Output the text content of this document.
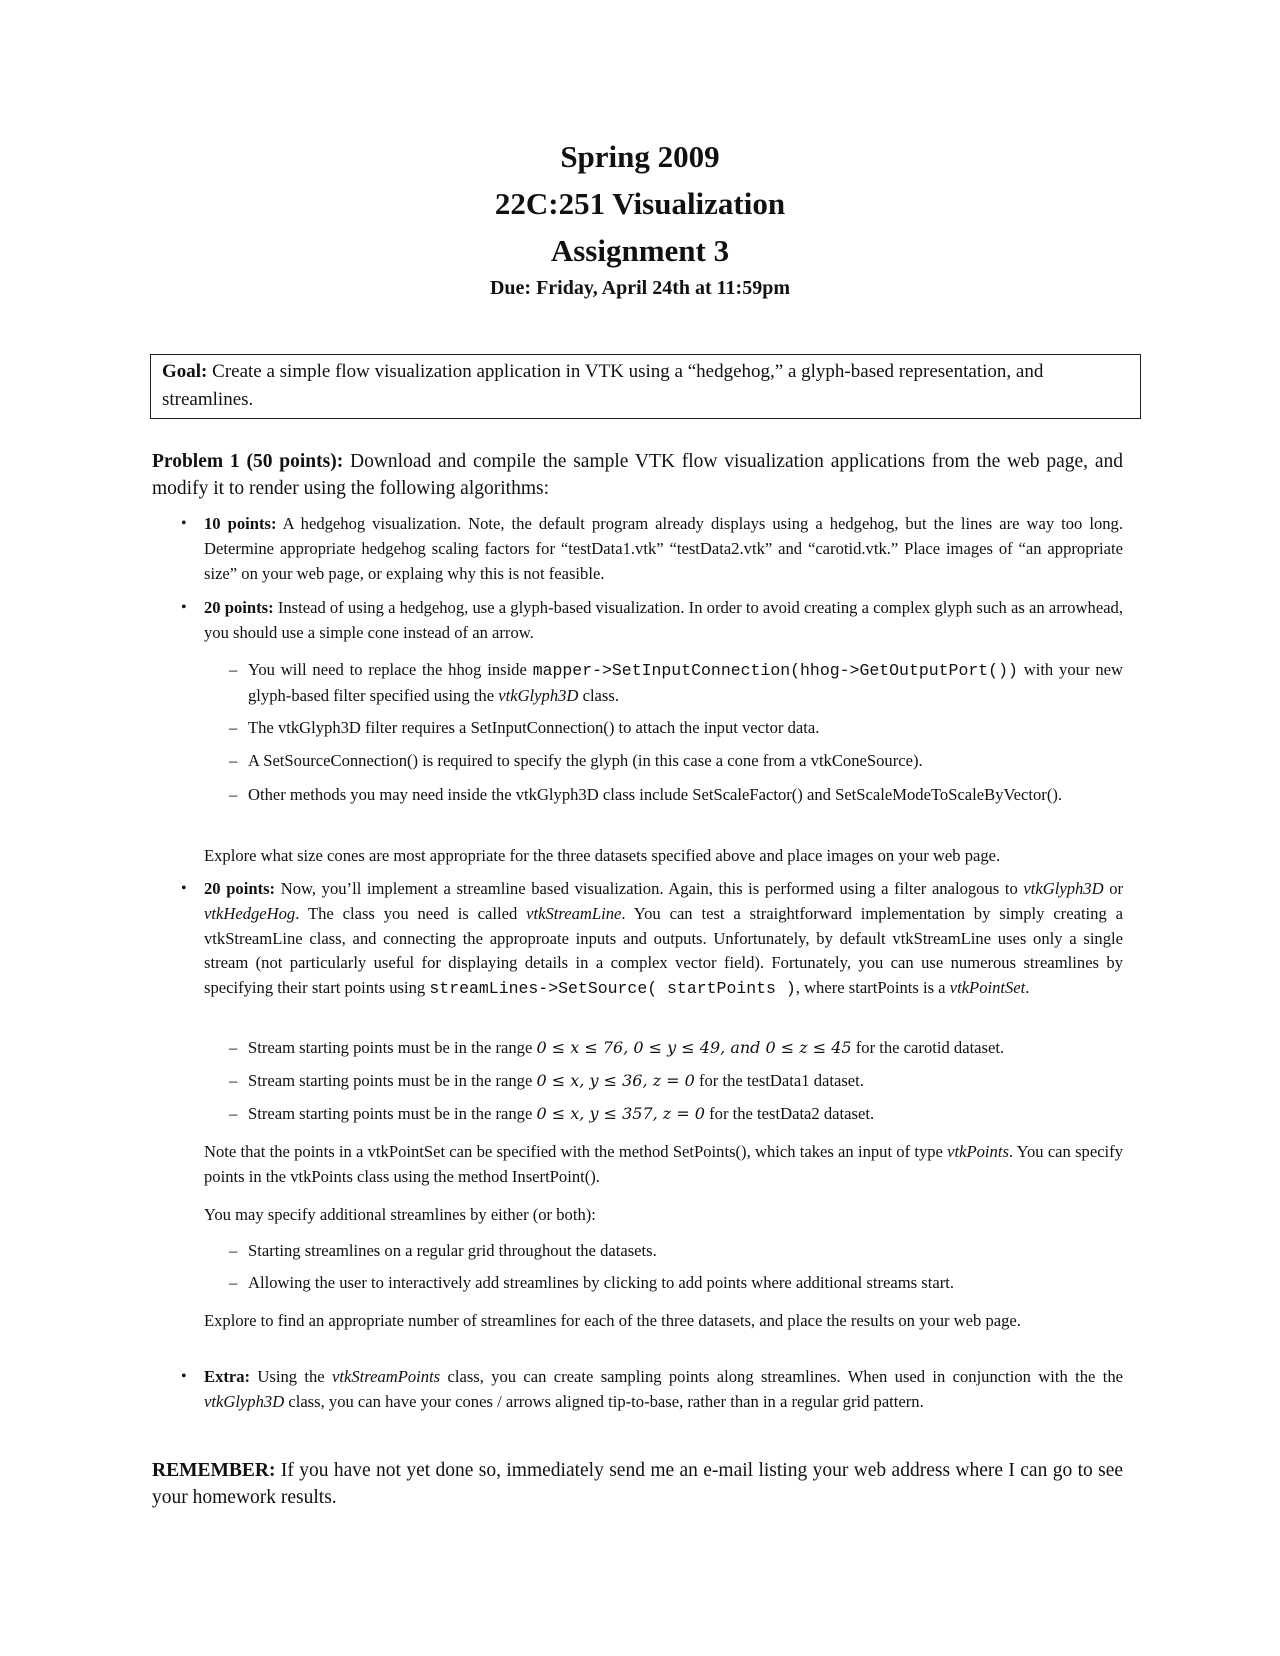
Spring 2009
22C:251 Visualization
Assignment 3
Due: Friday, April 24th at 11:59pm
Goal: Create a simple flow visualization application in VTK using a “hedgehog,” a glyph-based representation, and streamlines.
Problem 1 (50 points): Download and compile the sample VTK flow visualization applications from the web page, and modify it to render using the following algorithms:
• 10 points: A hedgehog visualization. Note, the default program already displays using a hedgehog, but the lines are way too long. Determine appropriate hedgehog scaling factors for “testData1.vtk” “testData2.vtk” and “carotid.vtk.” Place images of “an appropriate size” on your web page, or explaing why this is not feasible.
• 20 points: Instead of using a hedgehog, use a glyph-based visualization. In order to avoid creating a complex glyph such as an arrowhead, you should use a simple cone instead of an arrow.
– You will need to replace the hhog inside mapper->SetInputConnection(hhog->GetOutputPort()) with your new glyph-based filter specified using the vtkGlyph3D class.
– The vtkGlyph3D filter requires a SetInputConnection() to attach the input vector data.
– A SetSourceConnection() is required to specify the glyph (in this case a cone from a vtkConeSource).
– Other methods you may need inside the vtkGlyph3D class include SetScaleFactor() and SetScaleModeToScaleByVector().
Explore what size cones are most appropriate for the three datasets specified above and place images on your web page.
• 20 points: Now, you’ll implement a streamline based visualization. Again, this is performed using a filter analogous to vtkGlyph3D or vtkHedgeHog. The class you need is called vtkStreamLine. You can test a straightforward implementation by simply creating a vtkStreamLine class, and connecting the approproate inputs and outputs. Unfortunately, by default vtkStreamLine uses only a single stream (not particularly useful for displaying details in a complex vector field). Fortunately, you can use numerous streamlines by specifying their start points using streamLines->SetSource( startPoints ), where startPoints is a vtkPointSet.
– Stream starting points must be in the range 0 ≤ x ≤ 76, 0 ≤ y ≤ 49, and 0 ≤ z ≤ 45 for the carotid dataset.
– Stream starting points must be in the range 0 ≤ x, y ≤ 36, z = 0 for the testData1 dataset.
– Stream starting points must be in the range 0 ≤ x, y ≤ 357, z = 0 for the testData2 dataset.
Note that the points in a vtkPointSet can be specified with the method SetPoints(), which takes an input of type vtkPoints. You can specify points in the vtkPoints class using the method InsertPoint().
You may specify additional streamlines by either (or both):
– Starting streamlines on a regular grid throughout the datasets.
– Allowing the user to interactively add streamlines by clicking to add points where additional streams start.
Explore to find an appropriate number of streamlines for each of the three datasets, and place the results on your web page.
• Extra: Using the vtkStreamPoints class, you can create sampling points along streamlines. When used in conjunction with the the vtkGlyph3D class, you can have your cones / arrows aligned tip-to-base, rather than in a regular grid pattern.
REMEMBER: If you have not yet done so, immediately send me an e-mail listing your web address where I can go to see your homework results.
